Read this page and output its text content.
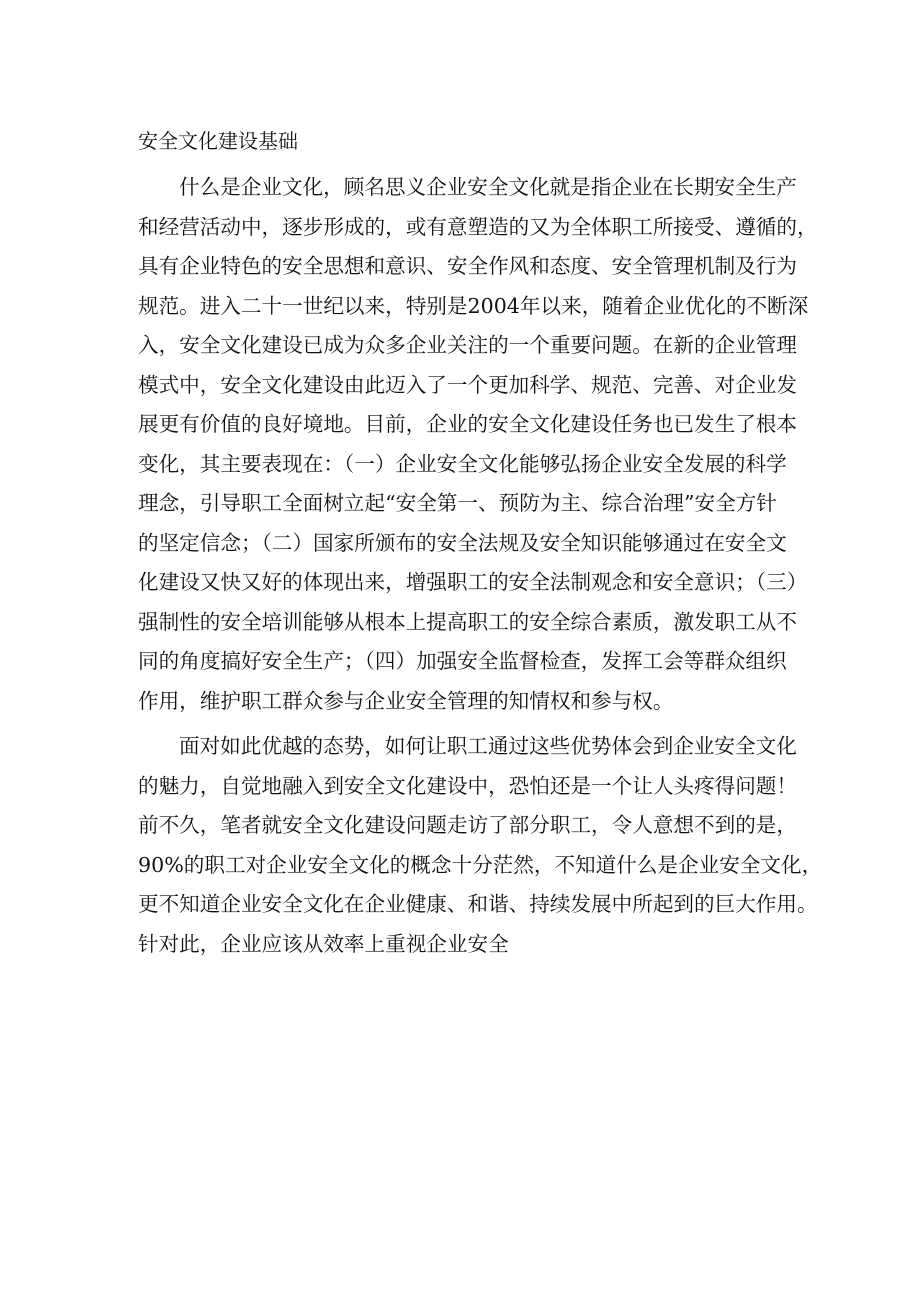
安全文化建设基础

什么是企业文化，顾名思义企业安全文化就是指企业在长期安全生产
和经营活动中，逐步形成的，或有意塑造的又为全体职工所接受、遵循的，
具有企业特色的安全思想和意识、安全作风和态度、安全管理机制及行为
规范。进入二十一世纪以来，特别是2004年以来，随着企业优化的不断深
入，安全文化建设已成为众多企业关注的一个重要问题。在新的企业管理
模式中，安全文化建设由此迈入了一个更加科学、规范、完善、对企业发
展更有价值的良好境地。目前，企业的安全文化建设任务也已发生了根本
变化，其主要表现在：（一）企业安全文化能够弘扬企业安全发展的科学
理念，引导职工全面树立起“安全第一、预防为主、综合治理”安全方针
的坚定信念；（二）国家所颁布的安全法规及安全知识能够通过在安全文
化建设又快又好的体现出来，增强职工的安全法制观念和安全意识；（三）
强制性的安全培训能够从根本上提高职工的安全综合素质，激发职工从不
同的角度搞好安全生产；（四）加强安全监督检查，发挥工会等群众组织
作用，维护职工群众参与企业安全管理的知情权和参与权。

面对如此优越的态势，如何让职工通过这些优势体会到企业安全文化
的魅力，自觉地融入到安全文化建设中，恐怕还是一个让人头疼得问题！
前不久，笔者就安全文化建设问题走访了部分职工，令人意想不到的是，
90%的职工对企业安全文化的概念十分茫然，不知道什么是企业安全文化，
更不知道企业安全文化在企业健康、和谐、持续发展中所起到的巨大作用。
针对此，企业应该从效率上重视企业安全
